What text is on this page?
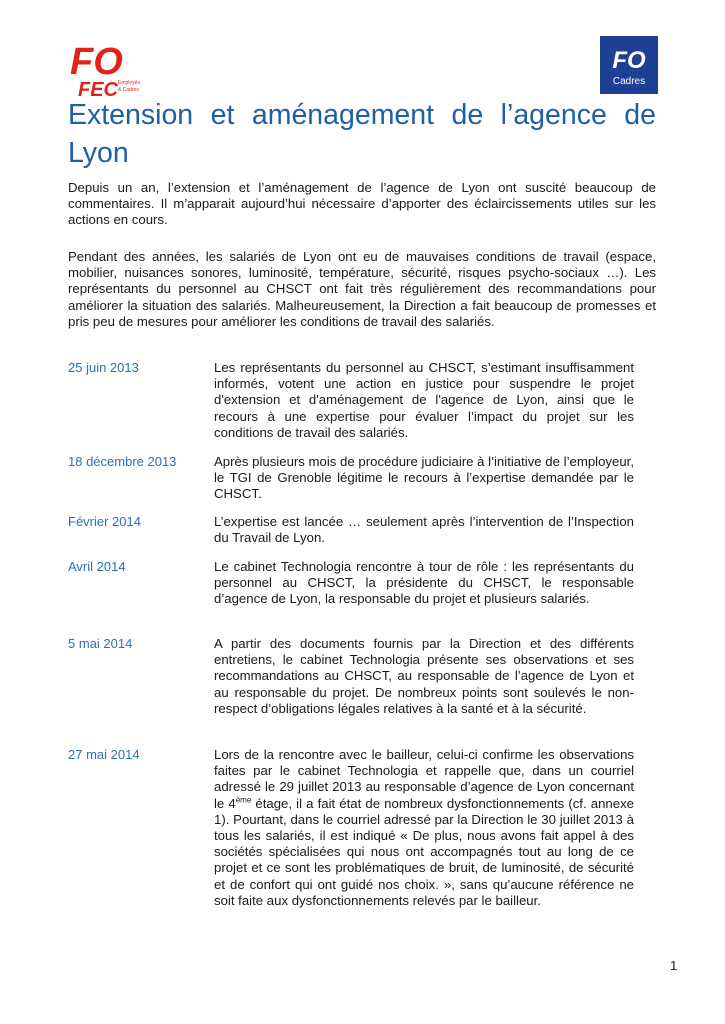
FO
FEC Employés
& Cadres
FO
Cadres
Extension et aménagement de l’agence de Lyon

Depuis un an, l’extension et l’aménagement de l’agence de Lyon ont suscité beaucoup de commentaires. Il m’apparait aujourd’hui nécessaire d’apporter des éclaircissements utiles sur les actions en cours.

Pendant des années, les salariés de Lyon ont eu de mauvaises conditions de travail (espace, mobilier, nuisances sonores, luminosité, température, sécurité, risques psycho-sociaux …). Les représentants du personnel au CHSCT ont fait très régulièrement des recommandations pour améliorer la situation des salariés. Malheureusement, la Direction a fait beaucoup de promesses et pris peu de mesures pour améliorer les conditions de travail des salariés.

25 juin 2013	Les représentants du personnel au CHSCT, s’estimant insuffisamment informés, votent une action en justice pour suspendre le projet d'extension et d'aménagement de l'agence de Lyon, ainsi que le recours à une expertise pour évaluer l’impact du projet sur les conditions de travail des salariés.

18 décembre 2013	Après plusieurs mois de procédure judiciaire à l’initiative de l’employeur, le TGI de Grenoble légitime le recours à l’expertise demandée par le CHSCT.

Février 2014	L’expertise est lancée … seulement après l’intervention de l’Inspection du Travail de Lyon.

Avril 2014	Le cabinet Technologia rencontre à tour de rôle : les représentants du personnel au CHSCT, la présidente du CHSCT, le responsable d’agence de Lyon, la responsable du projet et plusieurs salariés.

5 mai 2014	A partir des documents fournis par la Direction et des différents entretiens, le cabinet Technologia présente ses observations et ses recommandations au CHSCT, au responsable de l’agence de Lyon et au responsable du projet. De nombreux points sont soulevés le non-respect d’obligations légales relatives à la santé et à la sécurité.

27 mai 2014	Lors de la rencontre avec le bailleur, celui-ci confirme les observations faites par le cabinet Technologia et rappelle que, dans un courriel adressé le 29 juillet 2013 au responsable d’agence de Lyon concernant le 4ème étage, il a fait état de nombreux dysfonctionnements (cf. annexe 1). Pourtant, dans le courriel adressé par la Direction le 30 juillet 2013 à tous les salariés, il est indiqué « De plus, nous avons fait appel à des sociétés spécialisées qui nous ont accompagnés tout au long de ce projet et ce sont les problématiques de bruit, de luminosité, de sécurité et de confort qui ont guidé nos choix. », sans qu’aucune référence ne soit faite aux dysfonctionnements relevés par le bailleur.

1
